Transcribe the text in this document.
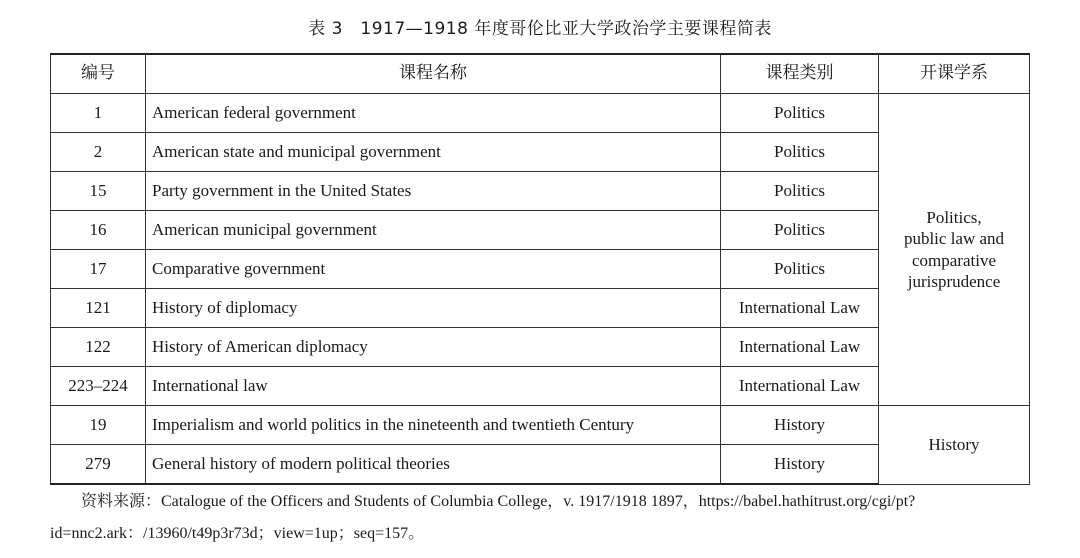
表 3　1917—1918 年度哥伦比亚大学政治学主要课程简表
编号	课程名称	课程类别	开课学系
1	American federal government	Politics	Politics,
public law and
comparative
jurisprudence
2	American state and municipal government	Politics	
15	Party government in the United States	Politics	
16	American municipal government	Politics	
17	Comparative government	Politics	
121	History of diplomacy	International Law	
122	History of American diplomacy	International Law	
223–224	International law	International Law	
19	Imperialism and world politics in the nineteenth and twentieth Century	History	History
279	General history of modern political theories	History	
资料来源：Catalogue of the Officers and Students of Columbia College，v. 1917/1918 1897，https://babel.hathitrust.org/cgi/pt?id=nnc2.ark：/13960/t49p3r73d；view=1up；seq=157。
